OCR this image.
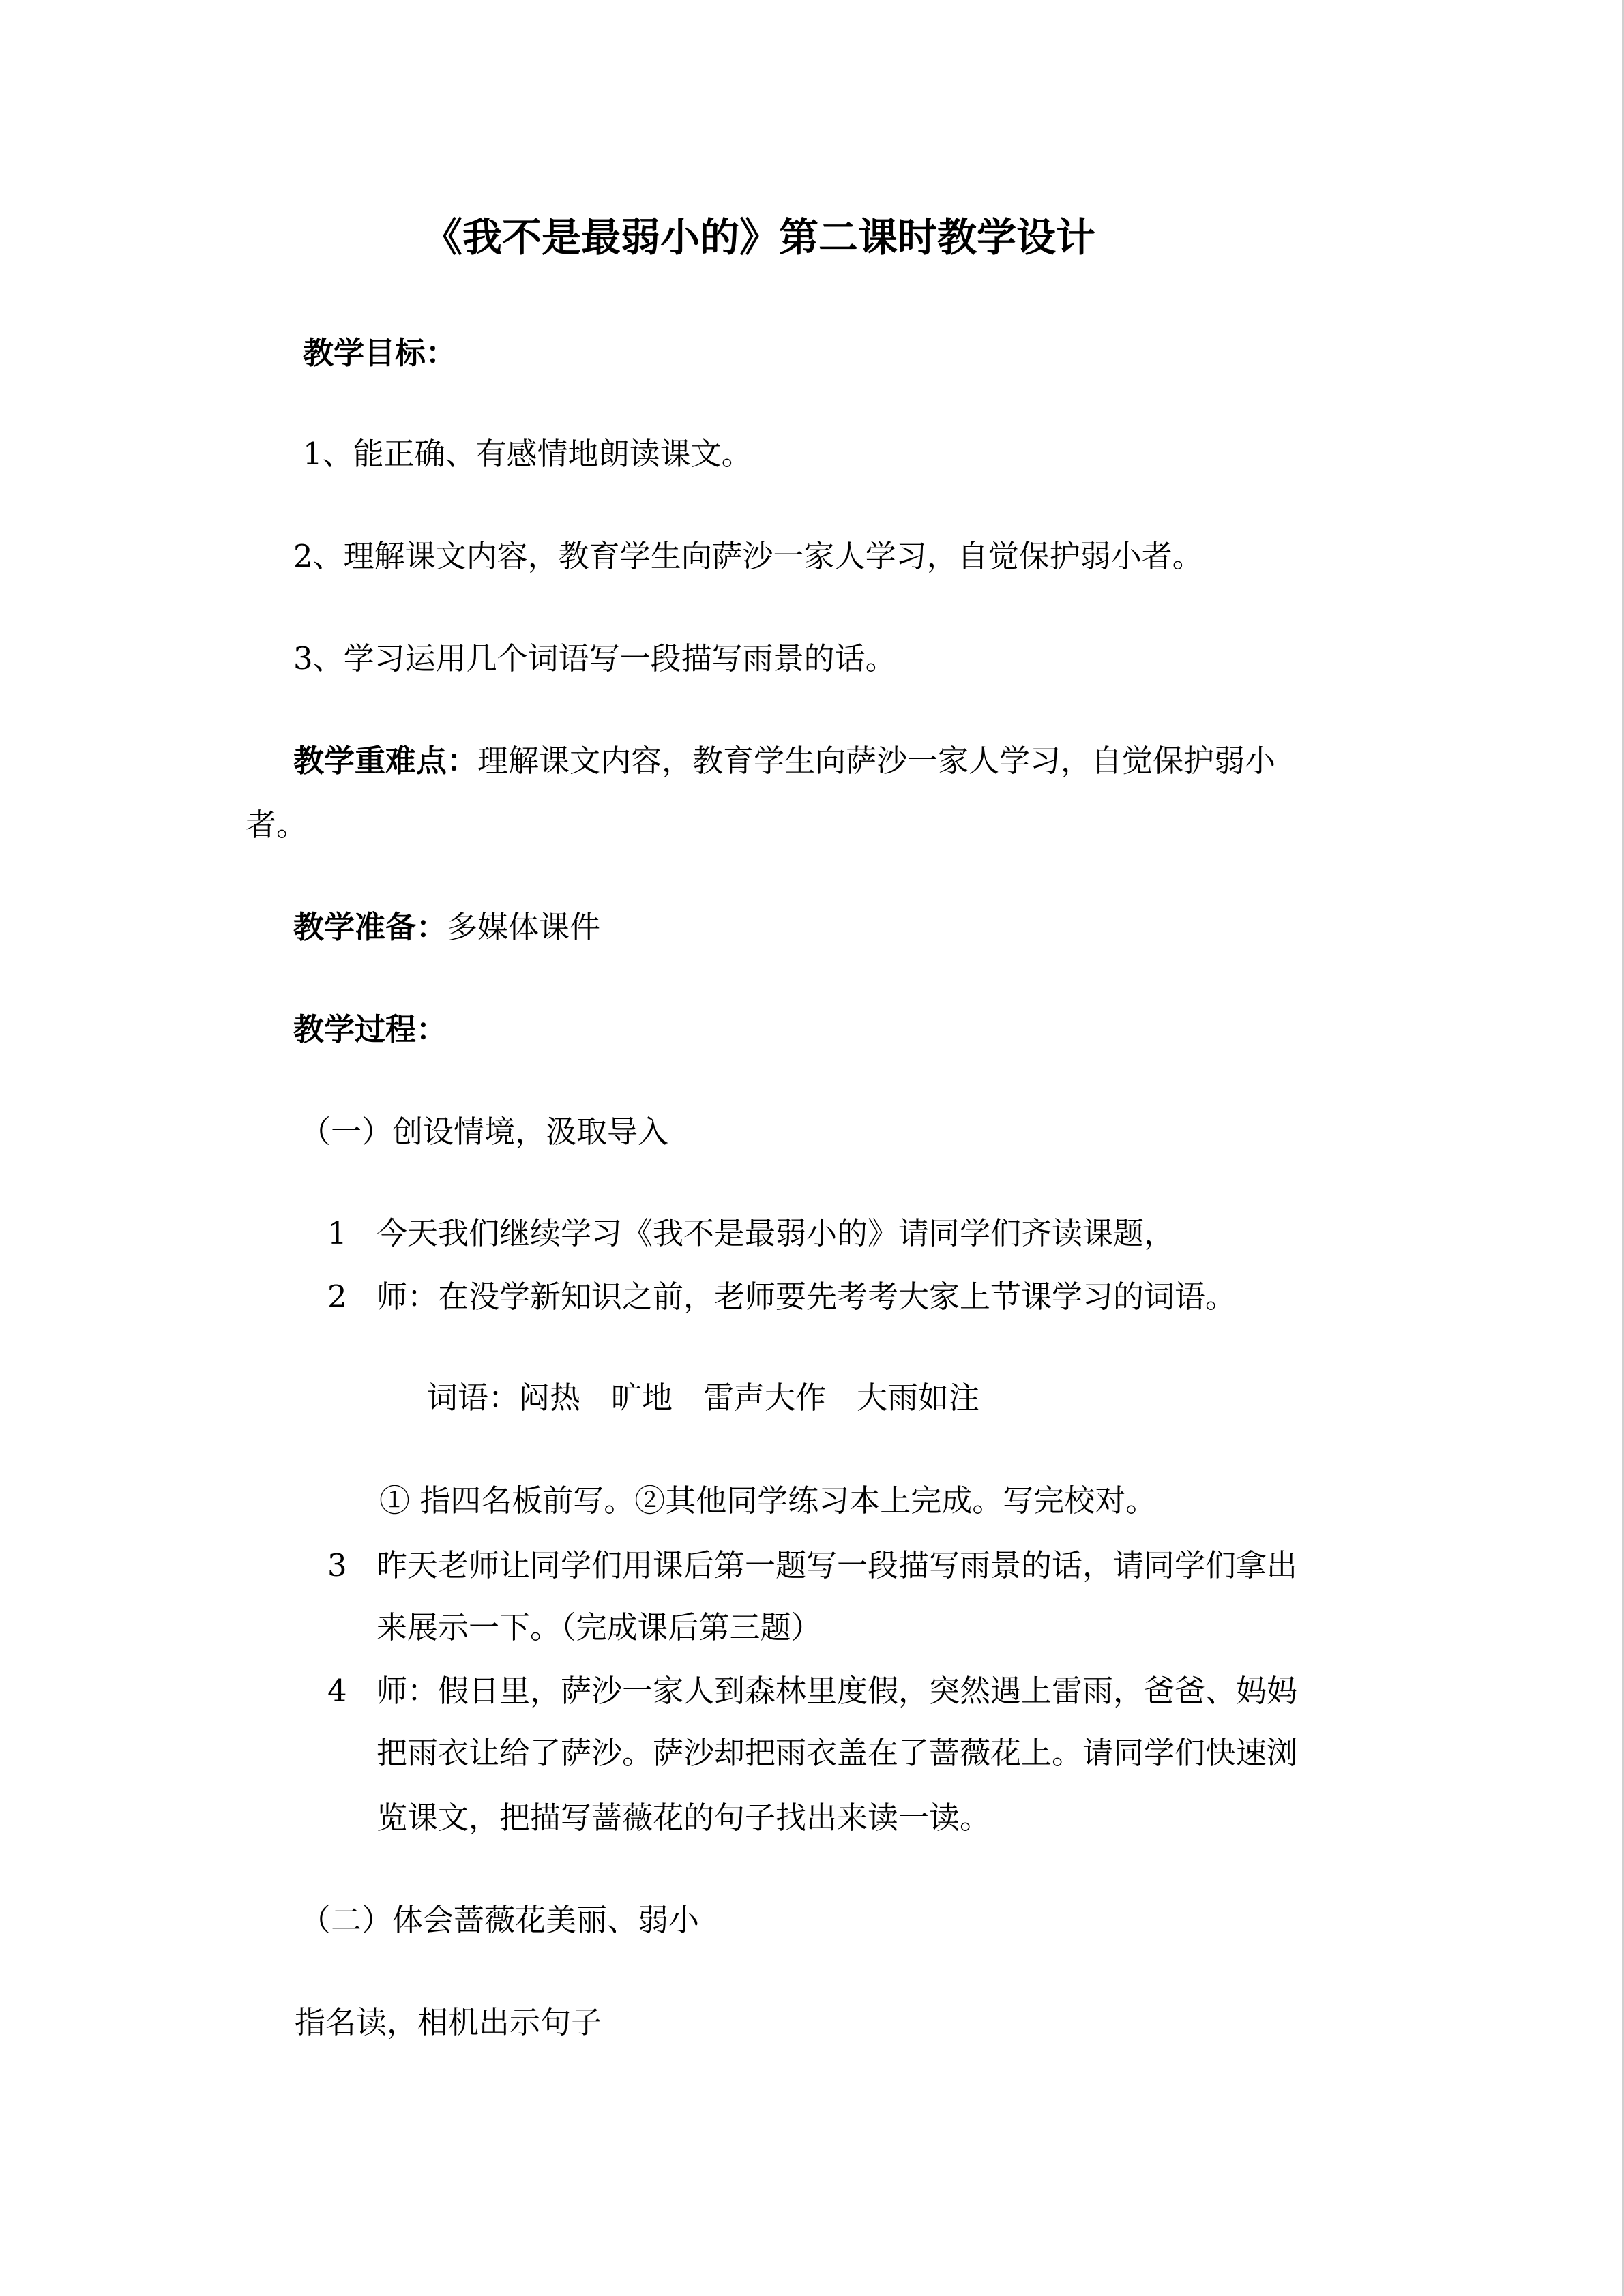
《我不是最弱小的》第二课时教学设计
教学目标：
1、能正确、有感情地朗读课文。
2、理解课文内容，教育学生向萨沙一家人学习，自觉保护弱小者。
3、学习运用几个词语写一段描写雨景的话。
教学重难点：理解课文内容，教育学生向萨沙一家人学习，自觉保护弱小
者。
教学准备：多媒体课件
教学过程：
（一）创设情境，汲取导入
1 今天我们继续学习《我不是最弱小的》请同学们齐读课题，
2 师：在没学新知识之前，老师要先考考大家上节课学习的词语。
词语：闷热　旷地　雷声大作　大雨如注
① 指四名板前写。②其他同学练习本上完成。写完校对。
3 昨天老师让同学们用课后第一题写一段描写雨景的话，请同学们拿出
来展示一下。（完成课后第三题）
4 师：假日里，萨沙一家人到森林里度假，突然遇上雷雨，爸爸、妈妈
把雨衣让给了萨沙。萨沙却把雨衣盖在了蔷薇花上。请同学们快速浏
览课文，把描写蔷薇花的句子找出来读一读。
（二）体会蔷薇花美丽、弱小
指名读，相机出示句子
